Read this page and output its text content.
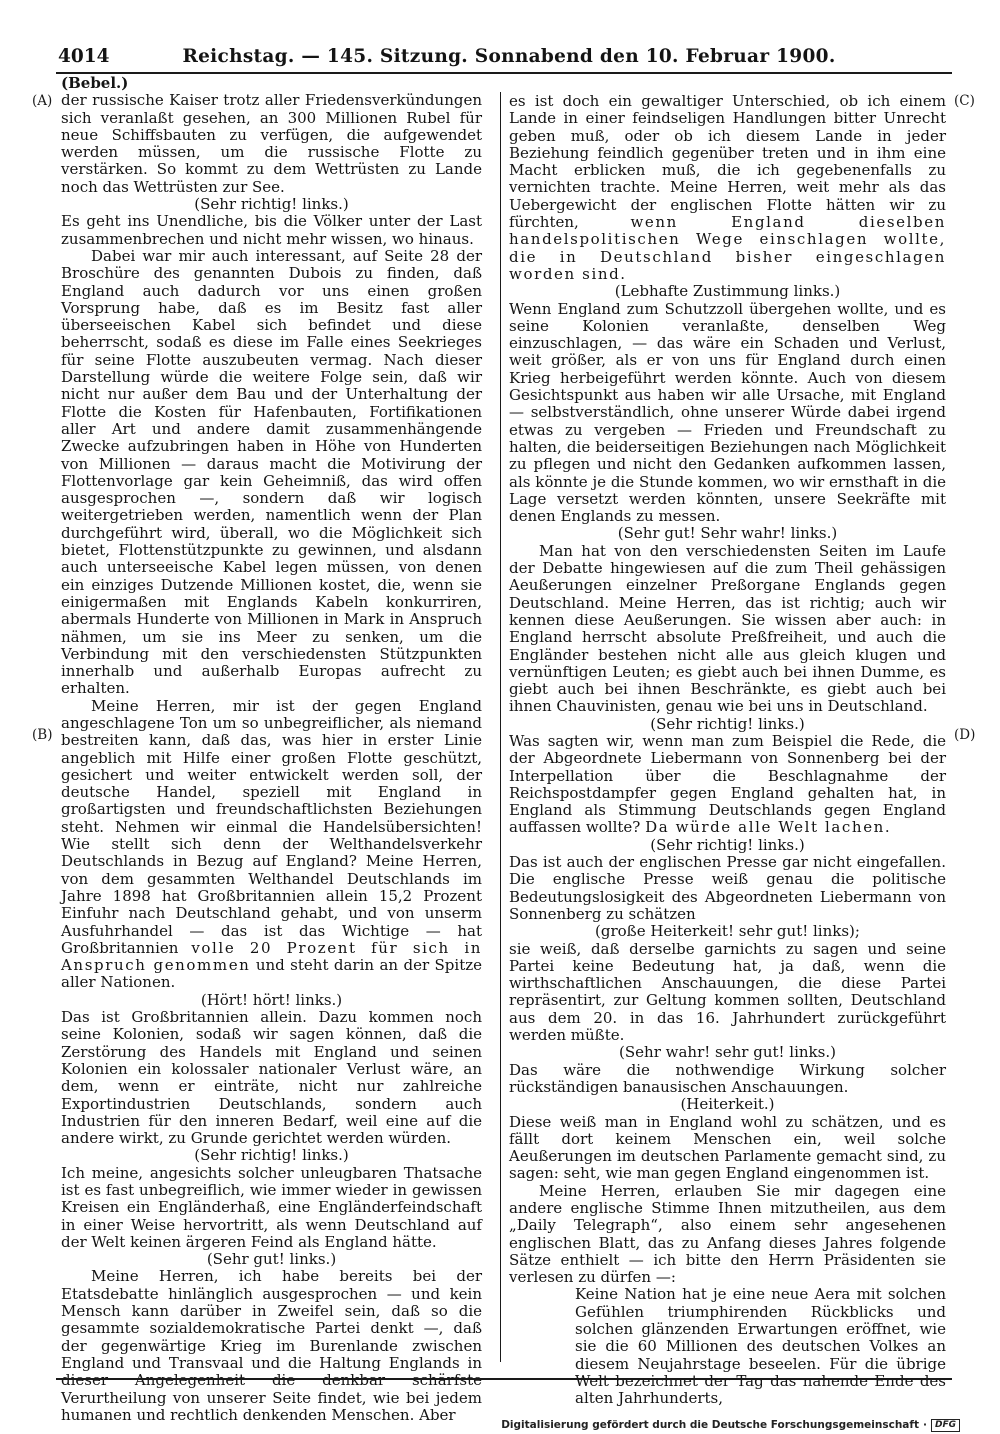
4014	Reichstag. — 145. Sitzung. Sonnabend den 10. Februar 1900.
(A)
(B)
(C)
(D)

(Bebel.)

der russische Kaiser trotz aller Friedensverkündungen sich veranlaßt gesehen, an 300 Millionen Rubel für neue Schiffsbauten zu verfügen, die aufgewendet werden müssen, um die russische Flotte zu verstärken. So kommt zu dem Wettrüsten zu Lande noch das Wettrüsten zur See.

(Sehr richtig! links.)

Es geht ins Unendliche, bis die Völker unter der Last zusammenbrechen und nicht mehr wissen, wo hinaus.

Dabei war mir auch interessant, auf Seite 28 der Broschüre des genannten Dubois zu finden, daß England auch dadurch vor uns einen großen Vorsprung habe, daß es im Besitz fast aller überseeischen Kabel sich befindet und diese beherrscht, sodaß es diese im Falle eines Seekrieges für seine Flotte auszubeuten vermag. Nach dieser Darstellung würde die weitere Folge sein, daß wir nicht nur außer dem Bau und der Unterhaltung der Flotte die Kosten für Hafenbauten, Fortifikationen aller Art und andere damit zusammenhängende Zwecke aufzubringen haben in Höhe von Hunderten von Millionen — daraus macht die Motivirung der Flottenvorlage gar kein Geheimniß, das wird offen ausgesprochen —, sondern daß wir logisch weitergetrieben werden, namentlich wenn der Plan durchgeführt wird, überall, wo die Möglichkeit sich bietet, Flottenstützpunkte zu gewinnen, und alsdann auch unterseeische Kabel legen müssen, von denen ein einziges Dutzende Millionen kostet, die, wenn sie einigermaßen mit Englands Kabeln konkurriren, abermals Hunderte von Millionen in Mark in Anspruch nähmen, um sie ins Meer zu senken, um die Verbindung mit den verschiedensten Stützpunkten innerhalb und außerhalb Europas aufrecht zu erhalten.

Meine Herren, mir ist der gegen England angeschlagene Ton um so unbegreiflicher, als niemand bestreiten kann, daß das, was hier in erster Linie angeblich mit Hilfe einer großen Flotte geschützt, gesichert und weiter entwickelt werden soll, der deutsche Handel, speziell mit England in großartigsten und freundschaftlichsten Beziehungen steht. Nehmen wir einmal die Handelsübersichten! Wie stellt sich denn der Welthandelsverkehr Deutschlands in Bezug auf England? Meine Herren, von dem gesammten Welthandel Deutschlands im Jahre 1898 hat Großbritannien allein 15,2 Prozent Einfuhr nach Deutschland gehabt, und von unserm Ausfuhrhandel — das ist das Wichtige — hat Großbritannien volle 20 Prozent für sich in Anspruch genommen und steht darin an der Spitze aller Nationen.

(Hört! hört! links.)

Das ist Großbritannien allein. Dazu kommen noch seine Kolonien, sodaß wir sagen können, daß die Zerstörung des Handels mit England und seinen Kolonien ein kolossaler nationaler Verlust wäre, an dem, wenn er einträte, nicht nur zahlreiche Exportindustrien Deutschlands, sondern auch Industrien für den inneren Bedarf, weil eine auf die andere wirkt, zu Grunde gerichtet werden würden.

(Sehr richtig! links.)

Ich meine, angesichts solcher unleugbaren Thatsache ist es fast unbegreiflich, wie immer wieder in gewissen Kreisen ein Engländerhaß, eine Engländerfeindschaft in einer Weise hervortritt, als wenn Deutschland auf der Welt keinen ärgeren Feind als England hätte.

(Sehr gut! links.)

Meine Herren, ich habe bereits bei der Etatsdebatte hinlänglich ausgesprochen — und kein Mensch kann darüber in Zweifel sein, daß so die gesammte sozialdemokratische Partei denkt —, daß der gegenwärtige Krieg im Burenlande zwischen England und Transvaal und die Haltung Englands in dieser Angelegenheit die denkbar schärfste Verurtheilung von unserer Seite findet, wie bei jedem humanen und rechtlich denkenden Menschen. Aber

es ist doch ein gewaltiger Unterschied, ob ich einem Lande in einer feindseligen Handlungen bitter Unrecht geben muß, oder ob ich diesem Lande in jeder Beziehung feindlich gegenüber treten und in ihm eine Macht erblicken muß, die ich gegebenenfalls zu vernichten trachte. Meine Herren, weit mehr als das Uebergewicht der englischen Flotte hätten wir zu fürchten, wenn England dieselben handelspolitischen Wege einschlagen wollte, die in Deutschland bisher eingeschlagen worden sind.

(Lebhafte Zustimmung links.)

Wenn England zum Schutzzoll übergehen wollte, und es seine Kolonien veranlaßte, denselben Weg einzuschlagen, — das wäre ein Schaden und Verlust, weit größer, als er von uns für England durch einen Krieg herbeigeführt werden könnte. Auch von diesem Gesichtspunkt aus haben wir alle Ursache, mit England — selbstverständlich, ohne unserer Würde dabei irgend etwas zu vergeben — Frieden und Freundschaft zu halten, die beiderseitigen Beziehungen nach Möglichkeit zu pflegen und nicht den Gedanken aufkommen lassen, als könnte je die Stunde kommen, wo wir ernsthaft in die Lage versetzt werden könnten, unsere Seekräfte mit denen Englands zu messen.

(Sehr gut! Sehr wahr! links.)

Man hat von den verschiedensten Seiten im Laufe der Debatte hingewiesen auf die zum Theil gehässigen Aeußerungen einzelner Preßorgane Englands gegen Deutschland. Meine Herren, das ist richtig; auch wir kennen diese Aeußerungen. Sie wissen aber auch: in England herrscht absolute Preßfreiheit, und auch die Engländer bestehen nicht alle aus gleich klugen und vernünftigen Leuten; es giebt auch bei ihnen Dumme, es giebt auch bei ihnen Beschränkte, es giebt auch bei ihnen Chauvinisten, genau wie bei uns in Deutschland.

(Sehr richtig! links.)

Was sagten wir, wenn man zum Beispiel die Rede, die der Abgeordnete Liebermann von Sonnenberg bei der Interpellation über die Beschlagnahme der Reichspostdampfer gegen England gehalten hat, in England als Stimmung Deutschlands gegen England auffassen wollte? Da würde alle Welt lachen.

(Sehr richtig! links.)

Das ist auch der englischen Presse gar nicht eingefallen. Die englische Presse weiß genau die politische Bedeutungslosigkeit des Abgeordneten Liebermann von Sonnenberg zu schätzen

(große Heiterkeit! sehr gut! links);

sie weiß, daß derselbe garnichts zu sagen und seine Partei keine Bedeutung hat, ja daß, wenn die wirthschaftlichen Anschauungen, die diese Partei repräsentirt, zur Geltung kommen sollten, Deutschland aus dem 20. in das 16. Jahrhundert zurückgeführt werden müßte.

(Sehr wahr! sehr gut! links.)

Das wäre die nothwendige Wirkung solcher rückständigen banausischen Anschauungen.

(Heiterkeit.)

Diese weiß man in England wohl zu schätzen, und es fällt dort keinem Menschen ein, weil solche Aeußerungen im deutschen Parlamente gemacht sind, zu sagen: seht, wie man gegen England eingenommen ist.

Meine Herren, erlauben Sie mir dagegen eine andere englische Stimme Ihnen mitzutheilen, aus dem „Daily Telegraph“, also einem sehr angesehenen englischen Blatt, das zu Anfang dieses Jahres folgende Sätze enthielt — ich bitte den Herrn Präsidenten sie verlesen zu dürfen —:

Keine Nation hat je eine neue Aera mit solchen Gefühlen triumphirenden Rückblicks und solchen glänzenden Erwartungen eröffnet, wie sie die 60 Millionen des deutschen Volkes an diesem Neujahrstage beseelen. Für die übrige Welt bezeichnet der Tag das nahende Ende des alten Jahrhunderts,

Digitalisierung gefördert durch die Deutsche Forschungsgemeinschaft · DFG
